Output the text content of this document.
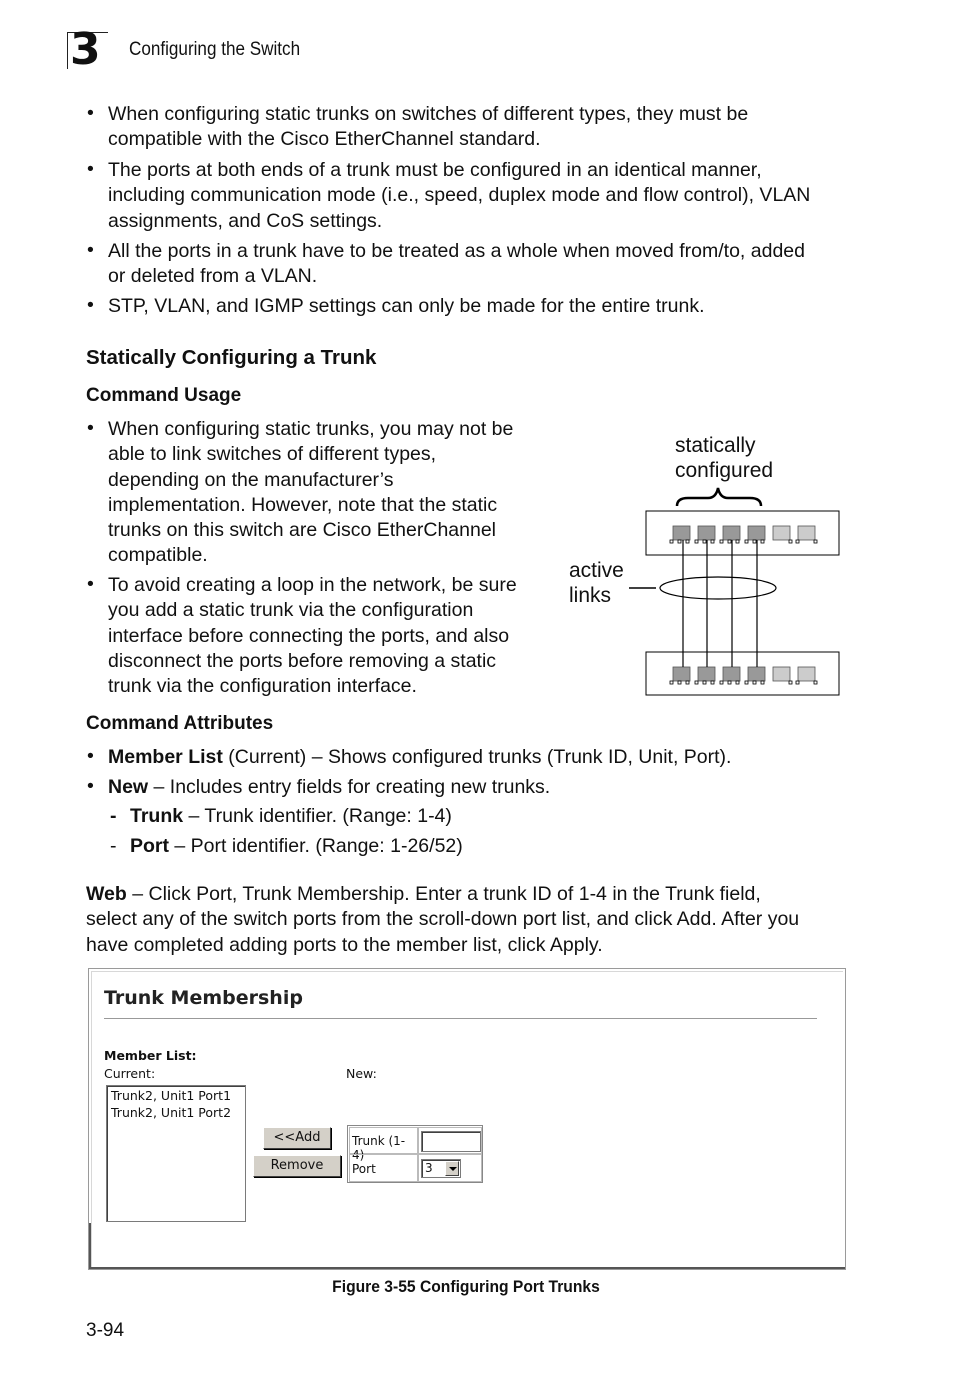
3 Configuring the Switch
• When configuring static trunks on switches of different types, they must be
compatible with the Cisco EtherChannel standard.
• The ports at both ends of a trunk must be configured in an identical manner,
including communication mode (i.e., speed, duplex mode and flow control), VLAN
assignments, and CoS settings.
• All the ports in a trunk have to be treated as a whole when moved from/to, added
or deleted from a VLAN.
• STP, VLAN, and IGMP settings can only be made for the entire trunk.
Statically Configuring a Trunk
Command Usage
• When configuring static trunks, you may not be
able to link switches of different types,
depending on the manufacturer’s
implementation. However, note that the static
trunks on this switch are Cisco EtherChannel
compatible.
• To avoid creating a loop in the network, be sure
you add a static trunk via the configuration
interface before connecting the ports, and also
disconnect the ports before removing a static
trunk via the configuration interface.
statically
configured
active
links
Command Attributes
• Member List (Current) – Shows configured trunks (Trunk ID, Unit, Port).
• New – Includes entry fields for creating new trunks.
- Trunk – Trunk identifier. (Range: 1-4)
- Port – Port identifier. (Range: 1-26/52)
Web – Click Port, Trunk Membership. Enter a trunk ID of 1-4 in the Trunk field,
select any of the switch ports from the scroll-down port list, and click Add. After you
have completed adding ports to the member list, click Apply.
Trunk Membership
Member List:
Current:	New:
Trunk2, Unit1 Port1
Trunk2, Unit1 Port2
<<Add
Remove
Trunk (1-4)
Port	3
Figure 3-55 Configuring Port Trunks
3-94
